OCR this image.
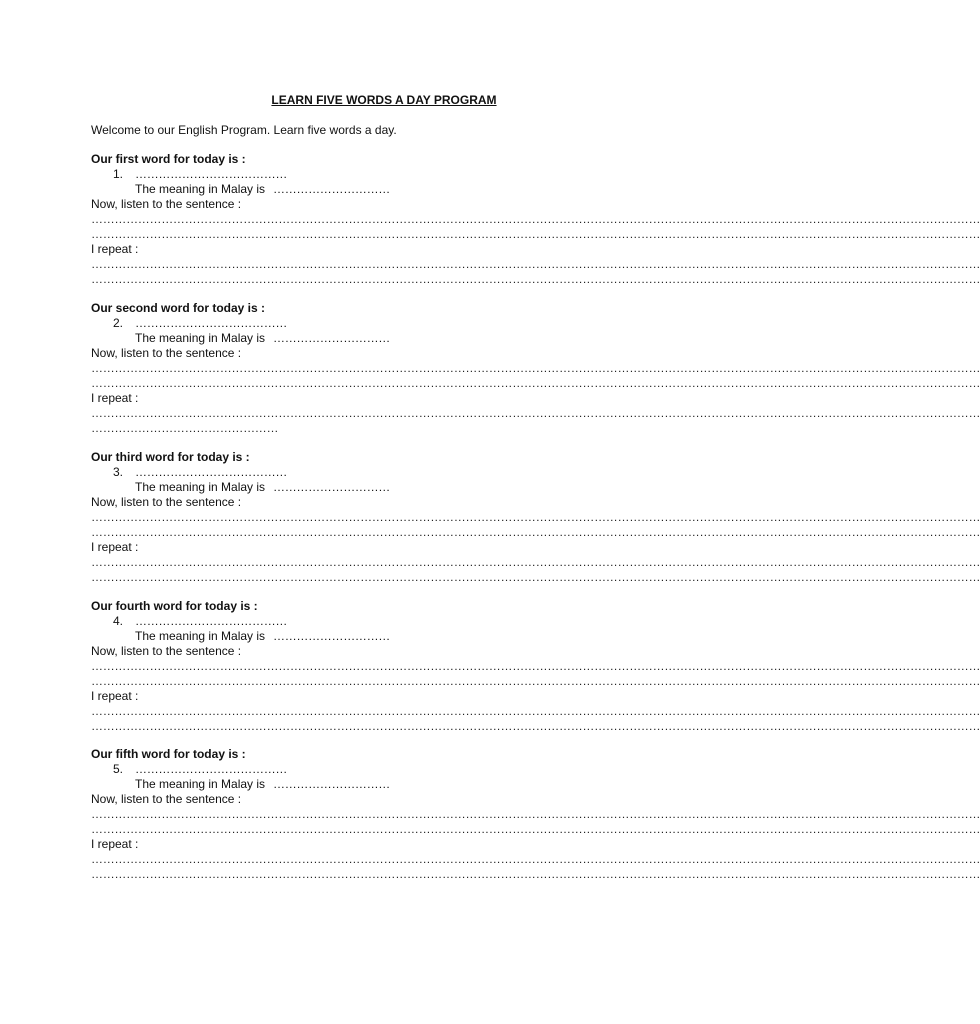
LEARN FIVE WORDS A DAY PROGRAM
Welcome to our English Program. Learn five words a day.
Our first word for today is :
1. …………………………………
The meaning in Malay is …………………………
Now, listen to the sentence :
…………………………………………………………………………………………………………………………………………………………………………………………………………
…………………………………………………………………………………………………………………………………………………………………………………………………………
I repeat :
…………………………………………………………………………………………………………………………………………………………………………………………………………
…………………………………………………………………………………………………………………………………………………………………………………………………………
Our second word for today is :
2. …………………………………
The meaning in Malay is …………………………
Now, listen to the sentence :
…………………………………………………………………………………………………………………………………………………………………………………………………………
…………………………………………………………………………………………………………………………………………………………………………………………………………
I repeat :
…………………………………………………………………………………………………………………………………………………………………………………………………………
…………………………………………
Our third word for today is :
3. …………………………………
The meaning in Malay is …………………………
Now, listen to the sentence :
…………………………………………………………………………………………………………………………………………………………………………………………………………
…………………………………………………………………………………………………………………………………………………………………………………………………………
I repeat :
…………………………………………………………………………………………………………………………………………………………………………………………………………
…………………………………………………………………………………………………………………………………………………………………………………………………………
Our fourth word for today is :
4. …………………………………
The meaning in Malay is …………………………
Now, listen to the sentence :
…………………………………………………………………………………………………………………………………………………………………………………………………………
…………………………………………………………………………………………………………………………………………………………………………………………………………
I repeat :
…………………………………………………………………………………………………………………………………………………………………………………………………………
…………………………………………………………………………………………………………………………………………………………………………………………………………
Our fifth word for today is :
5. …………………………………
The meaning in Malay is …………………………
Now, listen to the sentence :
…………………………………………………………………………………………………………………………………………………………………………………………………………
…………………………………………………………………………………………………………………………………………………………………………………………………………
I repeat :
…………………………………………………………………………………………………………………………………………………………………………………………………………
…………………………………………………………………………………………………………………………………………………………………………………………………………
